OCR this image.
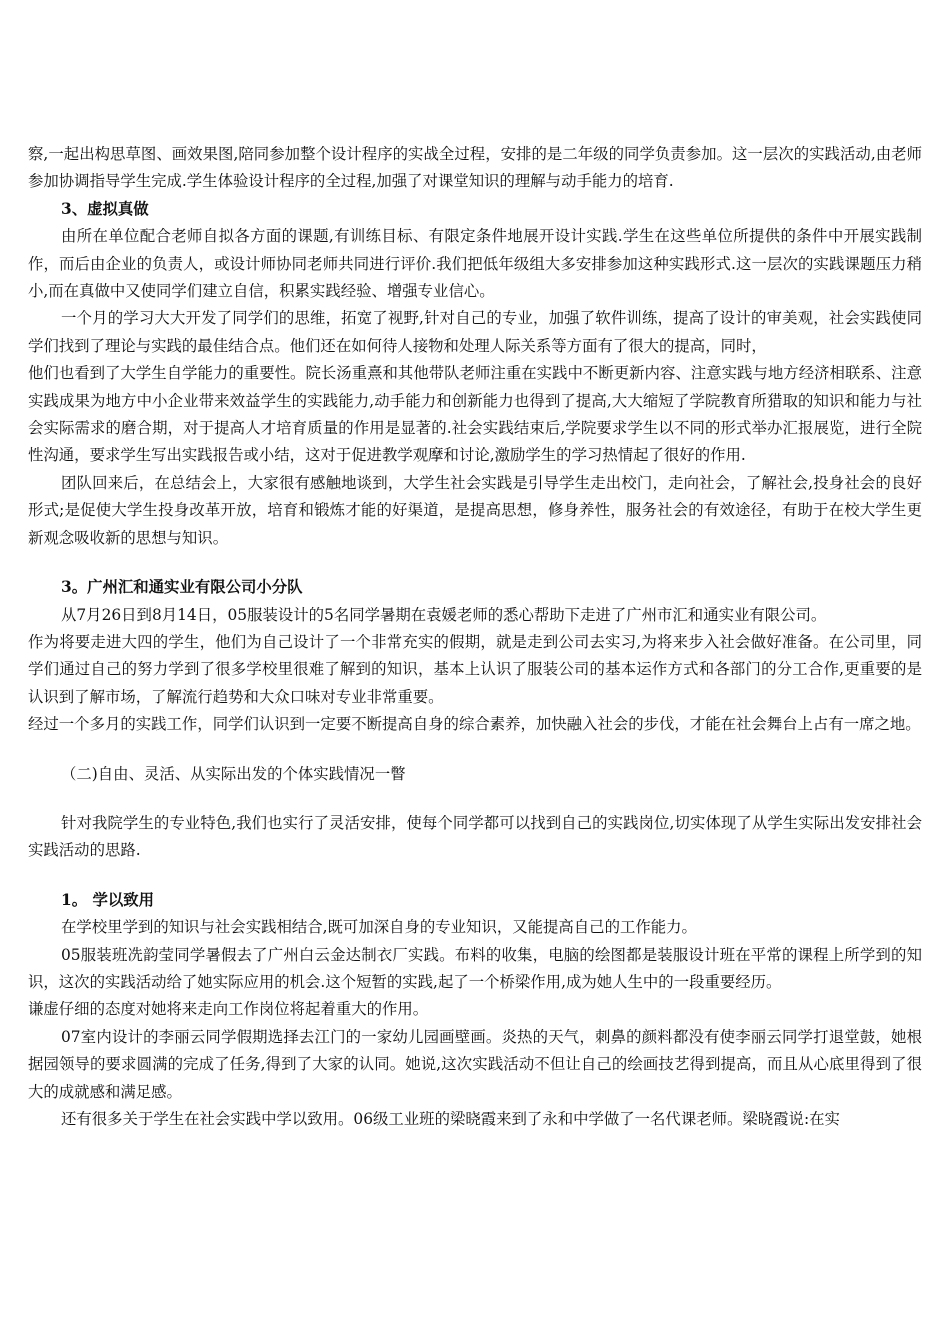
察,一起出构思草图、画效果图,陪同参加整个设计程序的实战全过程，安排的是二年级的同学负责参加。这一层次的实践活动,由老师参加协调指导学生完成.学生体验设计程序的全过程,加强了对课堂知识的理解与动手能力的培育.

3、虚拟真做

由所在单位配合老师自拟各方面的课题,有训练目标、有限定条件地展开设计实践.学生在这些单位所提供的条件中开展实践制作，而后由企业的负责人，或设计师协同老师共同进行评价.我们把低年级组大多安排参加这种实践形式.这一层次的实践课题压力稍小,而在真做中又使同学们建立自信，积累实践经验、增强专业信心。

一个月的学习大大开发了同学们的思维，拓宽了视野,针对自己的专业，加强了软件训练，提高了设计的审美观，社会实践使同学们找到了理论与实践的最佳结合点。他们还在如何待人接物和处理人际关系等方面有了很大的提高，同时，

他们也看到了大学生自学能力的重要性。院长汤重熹和其他带队老师注重在实践中不断更新内容、注意实践与地方经济相联系、注意实践成果为地方中小企业带来效益学生的实践能力,动手能力和创新能力也得到了提高,大大缩短了学院教育所猎取的知识和能力与社会实际需求的磨合期，对于提高人才培育质量的作用是显著的.社会实践结束后,学院要求学生以不同的形式举办汇报展览，进行全院性沟通，要求学生写出实践报告或小结，这对于促进教学观摩和讨论,激励学生的学习热情起了很好的作用.

团队回来后，在总结会上，大家很有感触地谈到，大学生社会实践是引导学生走出校门，走向社会，了解社会,投身社会的良好形式;是促使大学生投身改革开放，培育和锻炼才能的好渠道，是提高思想，修身养性，服务社会的有效途径，有助于在校大学生更新观念吸收新的思想与知识。

3。广州汇和通实业有限公司小分队

从7月26日到8月14日，05服装设计的5名同学暑期在袁媛老师的悉心帮助下走进了广州市汇和通实业有限公司。

作为将要走进大四的学生，他们为自己设计了一个非常充实的假期，就是走到公司去实习,为将来步入社会做好准备。在公司里，同学们通过自己的努力学到了很多学校里很难了解到的知识，基本上认识了服装公司的基本运作方式和各部门的分工合作,更重要的是认识到了解市场，了解流行趋势和大众口味对专业非常重要。

经过一个多月的实践工作，同学们认识到一定要不断提高自身的综合素养，加快融入社会的步伐，才能在社会舞台上占有一席之地。

（二)自由、灵活、从实际出发的个体实践情况一瞥

针对我院学生的专业特色,我们也实行了灵活安排，使每个同学都可以找到自己的实践岗位,切实体现了从学生实际出发安排社会实践活动的思路.

1。 学以致用

在学校里学到的知识与社会实践相结合,既可加深自身的专业知识，又能提高自己的工作能力。

05服装班冼韵莹同学暑假去了广州白云金达制衣厂实践。布料的收集，电脑的绘图都是装服设计班在平常的课程上所学到的知识，这次的实践活动给了她实际应用的机会.这个短暂的实践,起了一个桥梁作用,成为她人生中的一段重要经历。

谦虚仔细的态度对她将来走向工作岗位将起着重大的作用。

07室内设计的李丽云同学假期选择去江门的一家幼儿园画壁画。炎热的天气，刺鼻的颜料都没有使李丽云同学打退堂鼓，她根据园领导的要求圆满的完成了任务,得到了大家的认同。她说,这次实践活动不但让自己的绘画技艺得到提高，而且从心底里得到了很大的成就感和满足感。

还有很多关于学生在社会实践中学以致用。06级工业班的梁晓霞来到了永和中学做了一名代课老师。梁晓霞说:在实
